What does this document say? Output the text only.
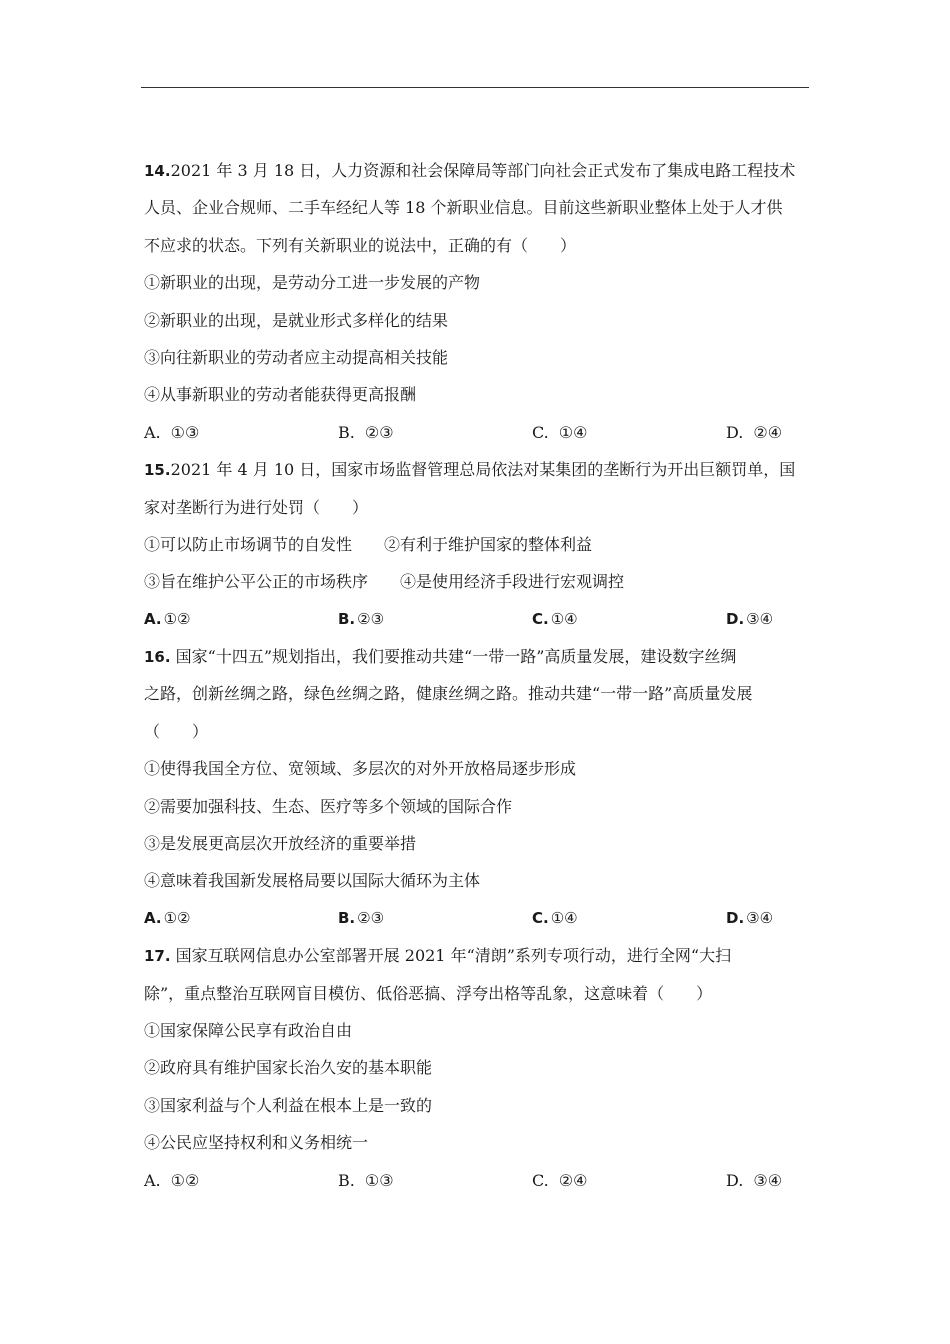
14.2021 年 3 月 18 日，人力资源和社会保障局等部门向社会正式发布了集成电路工程技术
人员、企业合规师、二手车经纪人等 18 个新职业信息。目前这些新职业整体上处于人才供
不应求的状态。下列有关新职业的说法中，正确的有（　　）
①新职业的出现，是劳动分工进一步发展的产物
②新职业的出现，是就业形式多样化的结果
③向往新职业的劳动者应主动提高相关技能
④从事新职业的劳动者能获得更高报酬
A. ①③	B. ②③	C. ①④	D. ②④
15.2021 年 4 月 10 日，国家市场监督管理总局依法对某集团的垄断行为开出巨额罚单，国
家对垄断行为进行处罚（　　）
①可以防止市场调节的自发性 ②有利于维护国家的整体利益
③旨在维护公平公正的市场秩序 ④是使用经济手段进行宏观调控
A. ①②	B. ②③	C. ①④	D. ③④
16. 国家“十四五”规划指出，我们要推动共建“一带一路”高质量发展，建设数字丝绸
之路，创新丝绸之路，绿色丝绸之路，健康丝绸之路。推动共建“一带一路”高质量发展
（　　）
①使得我国全方位、宽领域、多层次的对外开放格局逐步形成
②需要加强科技、生态、医疗等多个领域的国际合作
③是发展更高层次开放经济的重要举措
④意味着我国新发展格局要以国际大循环为主体
A. ①②	B. ②③	C. ①④	D. ③④
17. 国家互联网信息办公室部署开展 2021 年“清朗”系列专项行动，进行全网“大扫
除”，重点整治互联网盲目模仿、低俗恶搞、浮夸出格等乱象，这意味着（　　）
①国家保障公民享有政治自由
②政府具有维护国家长治久安的基本职能
③国家利益与个人利益在根本上是一致的
④公民应坚持权利和义务相统一
A. ①②	B. ①③	C. ②④	D. ③④
